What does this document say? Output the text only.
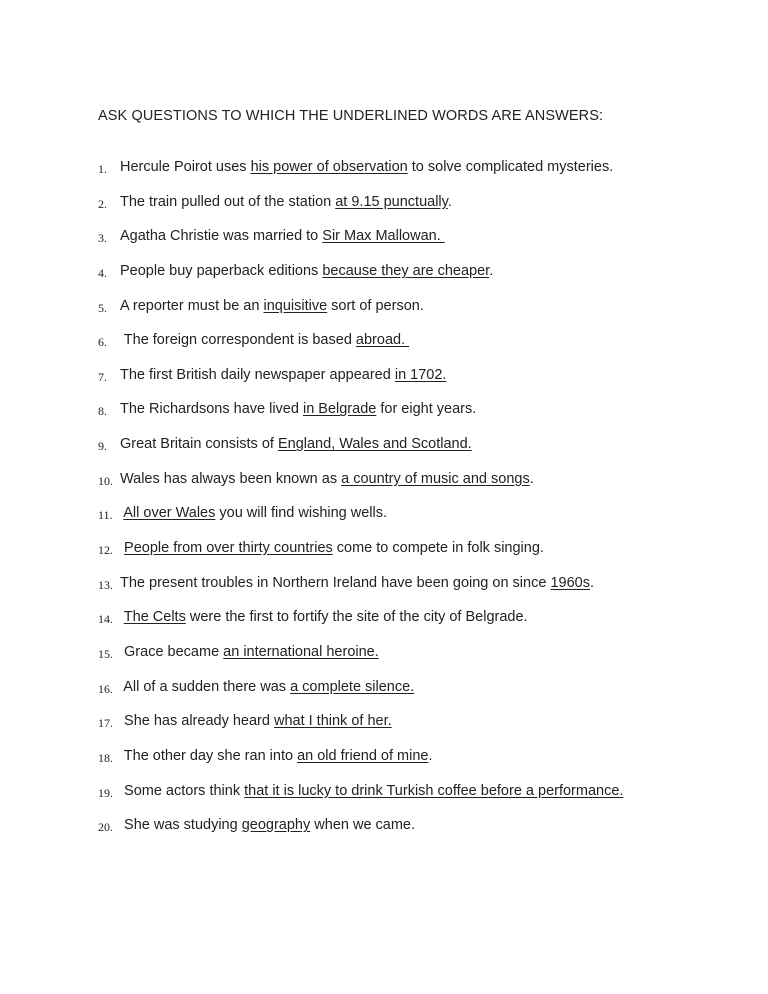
ASK QUESTIONS TO WHICH THE UNDERLINED WORDS ARE ANSWERS:
1. Hercule Poirot uses his power of observation to solve complicated mysteries.
2. The train pulled out of the station at 9.15 punctually.
3. Agatha Christie was married to Sir Max Mallowan.
4. People buy paperback editions because they are cheaper.
5. A reporter must be an inquisitive sort of person.
6. The foreign correspondent is based abroad.
7. The first British daily newspaper appeared in 1702.
8. The Richardsons have lived in Belgrade for eight years.
9. Great Britain consists of England, Wales and Scotland.
10. Wales has always been known as a country of music and songs.
11. All over Wales you will find wishing wells.
12. People from over thirty countries come to compete in folk singing.
13. The present troubles in Northern Ireland have been going on since 1960s.
14. The Celts were the first to fortify the site of the city of Belgrade.
15. Grace became an international heroine.
16. All of a sudden there was a complete silence.
17. She has already heard what I think of her.
18. The other day she ran into an old friend of mine.
19. Some actors think that it is lucky to drink Turkish coffee before a performance.
20. She was studying geography when we came.
